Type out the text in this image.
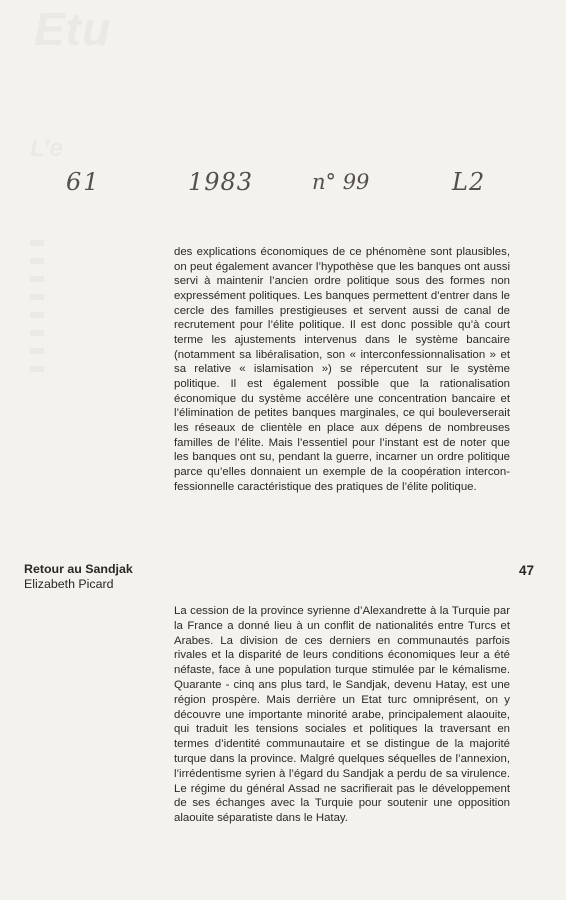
Etu
L’e
61	1983	n° 99	L2
des explications économiques de ce phénomène sont plausibles, on peut également avancer l’hypothèse que les banques ont aussi servi à maintenir l’ancien ordre politique sous des formes non expressément politiques. Les banques permettent d’entrer dans le cercle des familles prestigieuses et servent aussi de canal de recrutement pour l’élite politique. Il est donc possible qu’à court terme les ajustements intervenus dans le système bancaire (notamment sa libéralisation, son « interconfessionnalisation » et sa relative « islamisation ») se répercutent sur le système politique. Il est également possible que la rationalisation économique du système accélère une concentration bancaire et l’élimination de petites banques marginales, ce qui bouleverserait les réseaux de clientèle en place aux dépens de nombreuses familles de l’élite. Mais l’essentiel pour l’instant est de noter que les banques ont su, pendant la guerre, incarner un ordre politique parce qu’elles donnaient un exemple de la coopération interconfessionnelle caractéristique des pratiques de l’élite politique.
Retour au Sandjak
Elizabeth Picard
47
La cession de la province syrienne d’Alexandrette à la Turquie par la France a donné lieu à un conflit de nationalités entre Turcs et Arabes. La division de ces derniers en communautés parfois rivales et la disparité de leurs conditions économiques leur a été néfaste, face à une population turque stimulée par le kémalisme. Quarante - cinq ans plus tard, le Sandjak, devenu Hatay, est une région prospère. Mais derrière un Etat turc omniprésent, on y découvre une importante minorité arabe, principalement alaouite, qui traduit les tensions sociales et politiques la traversant en termes d’identité communautaire et se distingue de la majorité turque dans la province. Malgré quelques séquelles de l’annexion, l’irrédentisme syrien à l’égard du Sandjak a perdu de sa virulence. Le régime du général Assad ne sacrifierait pas le développement de ses échanges avec la Turquie pour soutenir une opposition alaouite séparatiste dans le Hatay.
